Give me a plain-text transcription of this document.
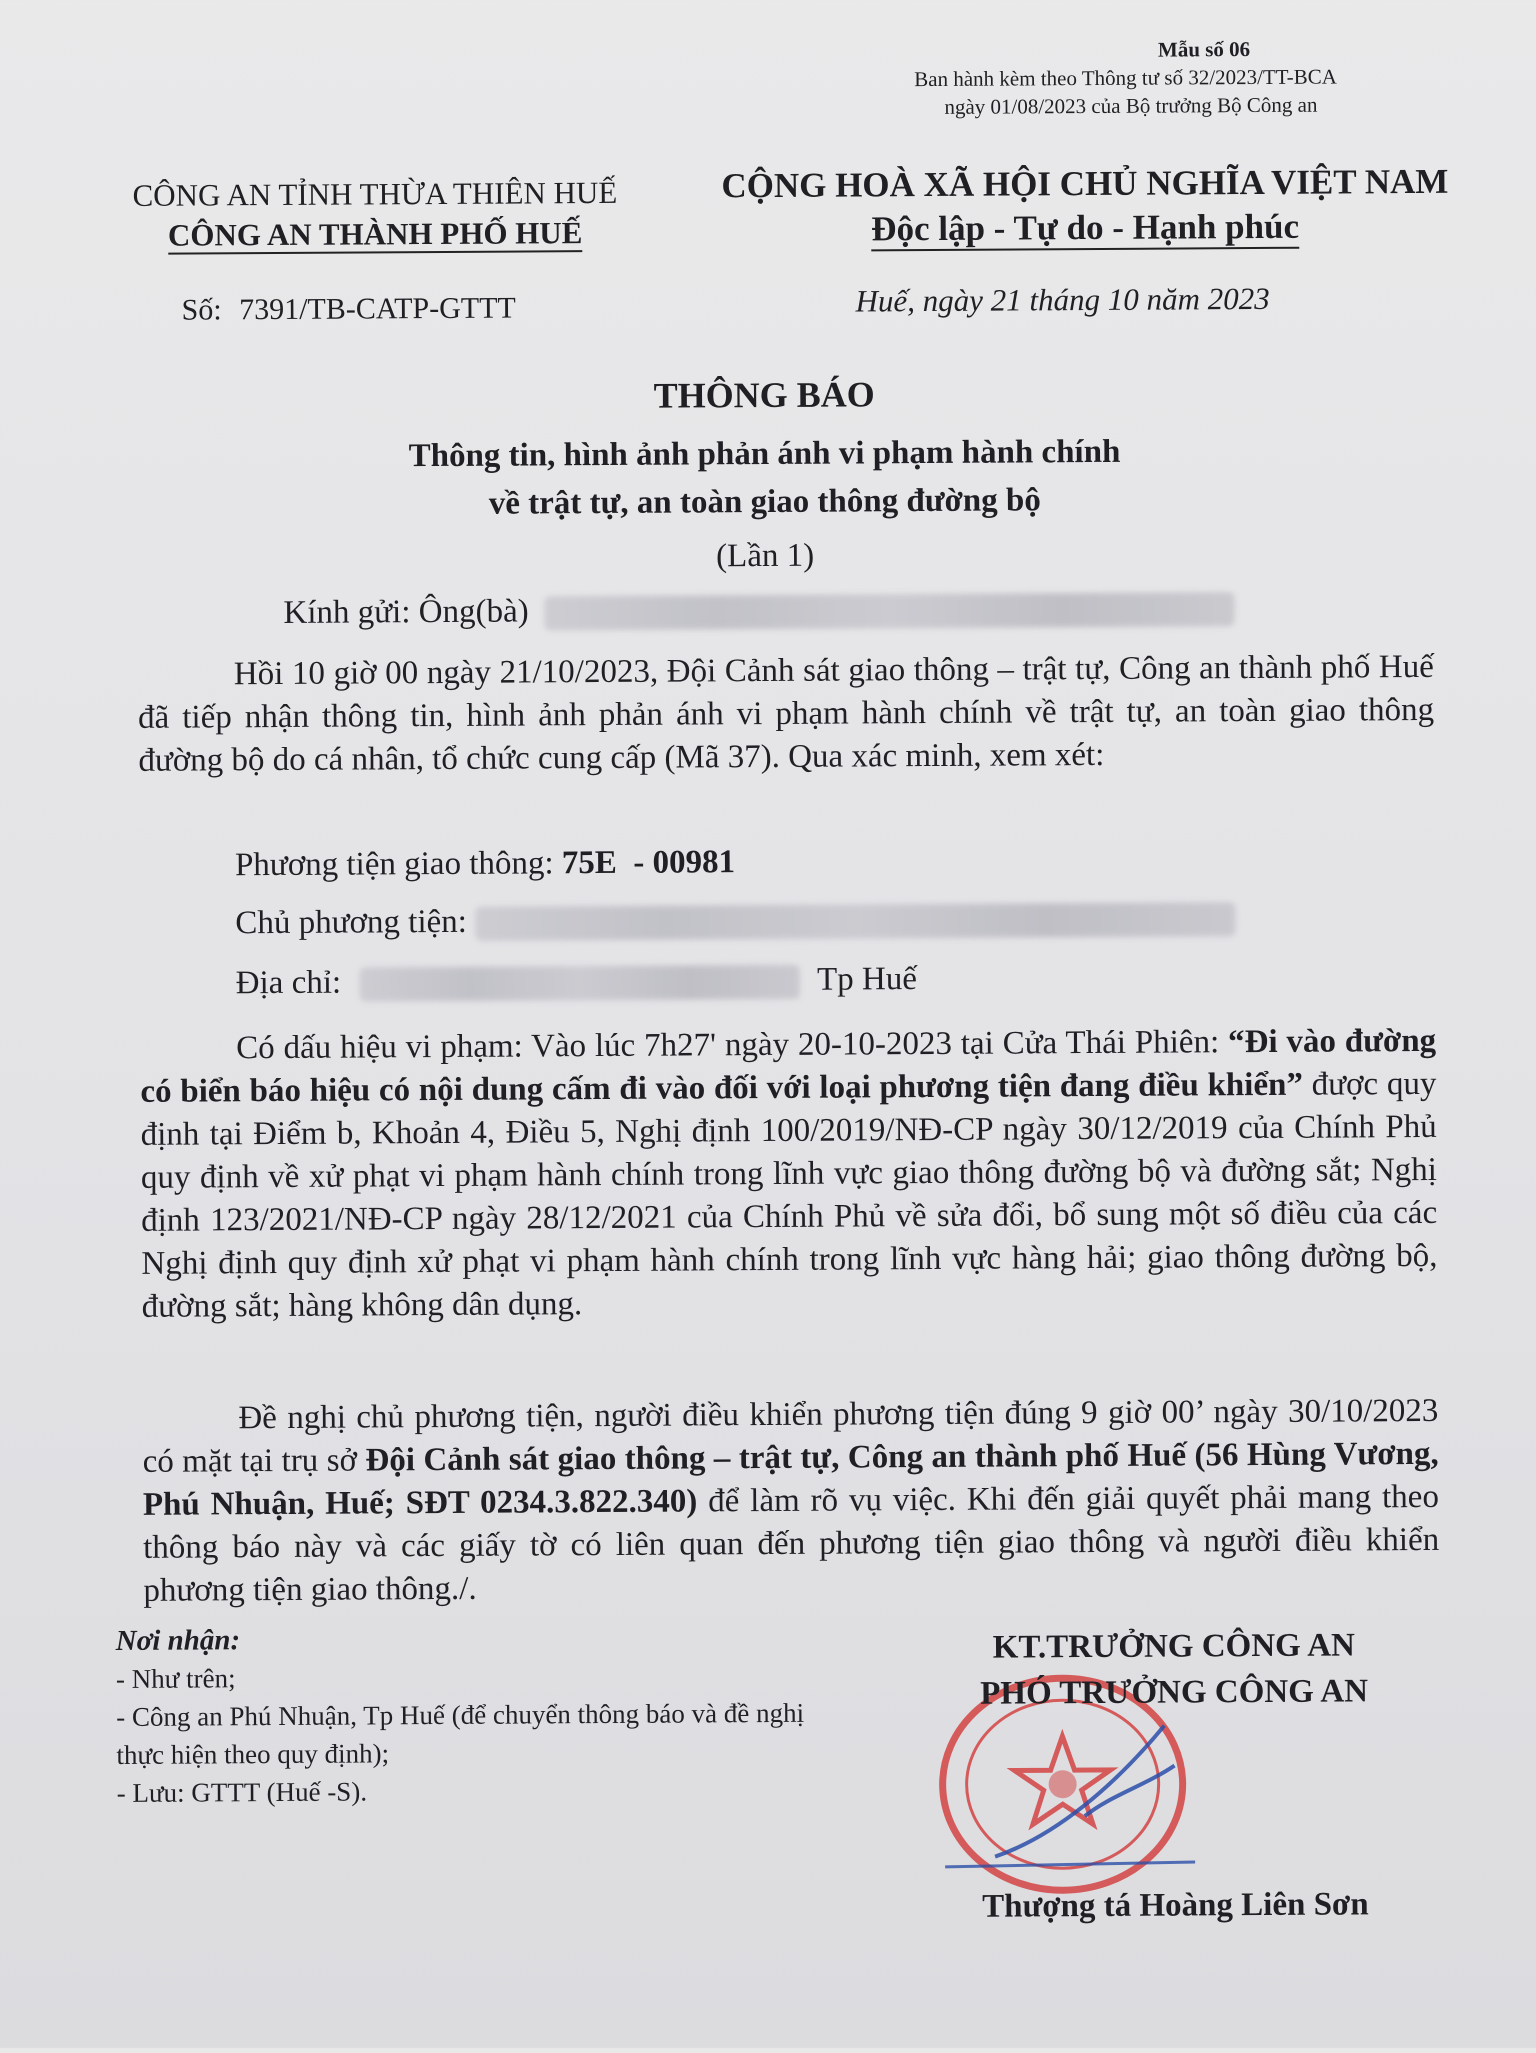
Mẫu số 06
Ban hành kèm theo Thông tư số 32/2023/TT-BCA
ngày 01/08/2023 của Bộ trưởng Bộ Công an
CÔNG AN TỈNH THỪA THIÊN HUẾ
CÔNG AN THÀNH PHỐ HUẾ
CỘNG HOÀ XÃ HỘI CHỦ NGHĨA VIỆT NAM
Độc lập - Tự do - Hạnh phúc
Số: 7391/TB-CATP-GTTT	Huế, ngày 21 tháng 10 năm 2023
THÔNG BÁO
Thông tin, hình ảnh phản ánh vi phạm hành chính
về trật tự, an toàn giao thông đường bộ
(Lần 1)
Kính gửi: Ông(bà)

Hồi 10 giờ 00 ngày 21/10/2023, Đội Cảnh sát giao thông – trật tự, Công an thành phố Huế đã tiếp nhận thông tin, hình ảnh phản ánh vi phạm hành chính về trật tự, an toàn giao thông đường bộ do cá nhân, tổ chức cung cấp (Mã 37). Qua xác minh, xem xét:

Phương tiện giao thông: 75E  - 00981
Chủ phương tiện:
Địa chỉ:	Tp Huế

Có dấu hiệu vi phạm: Vào lúc 7h27' ngày 20-10-2023 tại Cửa Thái Phiên: “Đi vào đường có biển báo hiệu có nội dung cấm đi vào đối với loại phương tiện đang điều khiển” được quy định tại Điểm b, Khoản 4, Điều 5, Nghị định 100/2019/NĐ-CP ngày 30/12/2019 của Chính Phủ quy định về xử phạt vi phạm hành chính trong lĩnh vực giao thông đường bộ và đường sắt; Nghị định 123/2021/NĐ-CP ngày 28/12/2021 của Chính Phủ về sửa đổi, bổ sung một số điều của các Nghị định quy định xử phạt vi phạm hành chính trong lĩnh vực hàng hải; giao thông đường bộ, đường sắt; hàng không dân dụng.

Đề nghị chủ phương tiện, người điều khiển phương tiện đúng 9 giờ 00’ ngày 30/10/2023 có mặt tại trụ sở Đội Cảnh sát giao thông – trật tự, Công an thành phố Huế (56 Hùng Vương, Phú Nhuận, Huế; SĐT 0234.3.822.340) để làm rõ vụ việc. Khi đến giải quyết phải mang theo thông báo này và các giấy tờ có liên quan đến phương tiện giao thông và người điều khiển phương tiện giao thông./.

Nơi nhận:
- Như trên;
- Công an Phú Nhuận, Tp Huế (để chuyển thông báo và đề nghị thực hiện theo quy định);
- Lưu: GTTT (Huế -S).
KT.TRƯỞNG CÔNG AN
PHÓ TRƯỞNG CÔNG AN
Thượng tá Hoàng Liên Sơn
